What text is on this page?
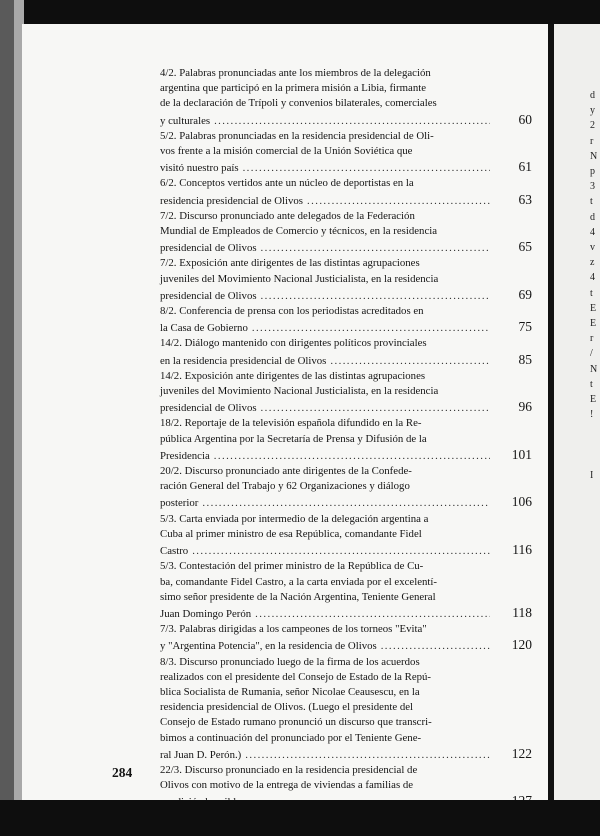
d
y
2
r
N
p
3
t
d
4
v
z
4
t
E
E
r
/
N
t
E
!
I
4/2. Palabras pronunciadas ante los miembros de la delegación
argentina que participó en la primera misión a Libia, firmante
de la declaración de Trípoli y convenios bilaterales, comerciales
y culturales .....	60
5/2. Palabras pronunciadas en la residencia presidencial de Oli-
vos frente a la misión comercial de la Unión Soviética que
visitó nuestro país .....	61
6/2. Conceptos vertidos ante un núcleo de deportistas en la
residencia presidencial de Olivos .....	63
7/2. Discurso pronunciado ante delegados de la Federación
Mundial de Empleados de Comercio y técnicos, en la residencia
presidencial de Olivos .....	65
7/2. Exposición ante dirigentes de las distintas agrupaciones
juveniles del Movimiento Nacional Justicialista, en la residencia
presidencial de Olivos .....	69
8/2. Conferencia de prensa con los periodistas acreditados en
la Casa de Gobierno .....	75
14/2. Diálogo mantenido con dirigentes políticos provinciales
en la residencia presidencial de Olivos .....	85
14/2. Exposición ante dirigentes de las distintas agrupaciones
juveniles del Movimiento Nacional Justicialista, en la residencia
presidencial de Olivos .....	96
18/2. Reportaje de la televisión española difundido en la Re-
pública Argentina por la Secretaría de Prensa y Difusión de la
Presidencia .....	101
20/2. Discurso pronunciado ante dirigentes de la Confede-
ración General del Trabajo y 62 Organizaciones y diálogo
posterior .....	106
5/3. Carta enviada por intermedio de la delegación argentina a
Cuba al primer ministro de esa República, comandante Fidel
Castro .....	116
5/3. Contestación del primer ministro de la República de Cu-
ba, comandante Fidel Castro, a la carta enviada por el excelentí-
simo señor presidente de la Nación Argentina, Teniente General
Juan Domingo Perón .....	118
7/3. Palabras dirigidas a los campeones de los torneos "Evita"
y "Argentina Potencia", en la residencia de Olivos .....	120
8/3. Discurso pronunciado luego de la firma de los acuerdos
realizados con el presidente del Consejo de Estado de la Repú-
blica Socialista de Rumania, señor Nicolae Ceausescu, en la
residencia presidencial de Olivos. (Luego el presidente del
Consejo de Estado rumano pronunció un discurso que transcri-
bimos a continuación del pronunciado por el Teniente Gene-
ral Juan D. Perón.) .....	122
22/3. Discurso pronunciado en la residencia presidencial de
Olivos con motivo de la entrega de viviendas a familias de
.....
284
